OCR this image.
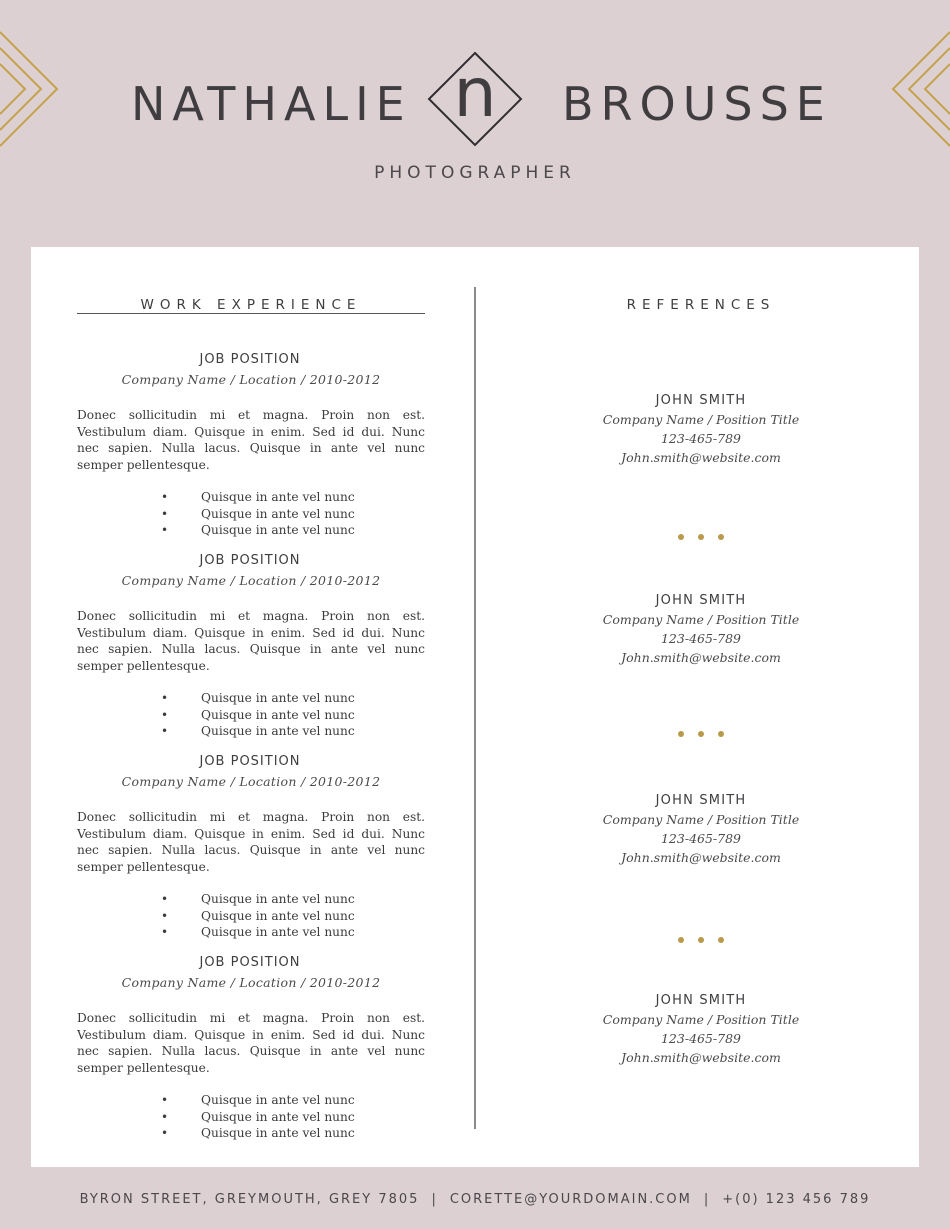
NATHALIE n	BROUSSE
PHOTOGRAPHER
WORK EXPERIENCE
JOB POSITION
Company Name / Location / 2010-2012
Donec sollicitudin mi et magna. Proin non est. Vestibulum diam. Quisque in enim. Sed id dui. Nunc nec sapien. Nulla lacus. Quisque in ante vel nunc semper pellentesque.
•	Quisque in ante vel nunc
•	Quisque in ante vel nunc
•	Quisque in ante vel nunc
JOB POSITION
Company Name / Location / 2010-2012
Donec sollicitudin mi et magna. Proin non est. Vestibulum diam. Quisque in enim. Sed id dui. Nunc nec sapien. Nulla lacus. Quisque in ante vel nunc semper pellentesque.
•	Quisque in ante vel nunc
•	Quisque in ante vel nunc
•	Quisque in ante vel nunc
JOB POSITION
Company Name / Location / 2010-2012
Donec sollicitudin mi et magna. Proin non est. Vestibulum diam. Quisque in enim. Sed id dui. Nunc nec sapien. Nulla lacus. Quisque in ante vel nunc semper pellentesque.
•	Quisque in ante vel nunc
•	Quisque in ante vel nunc
•	Quisque in ante vel nunc
JOB POSITION
Company Name / Location / 2010-2012
Donec sollicitudin mi et magna. Proin non est. Vestibulum diam. Quisque in enim. Sed id dui. Nunc nec sapien. Nulla lacus. Quisque in ante vel nunc semper pellentesque.
•	Quisque in ante vel nunc
•	Quisque in ante vel nunc
•	Quisque in ante vel nunc
REFERENCES
JOHN SMITH
Company Name / Position Title
123-465-789
John.smith@website.com
JOHN SMITH
Company Name / Position Title
123-465-789
John.smith@website.com
JOHN SMITH
Company Name / Position Title
123-465-789
John.smith@website.com
JOHN SMITH
Company Name / Position Title
123-465-789
John.smith@website.com
BYRON STREET, GREYMOUTH, GREY 7805 | CORETTE@YOURDOMAIN.COM | +(0) 123 456 789
